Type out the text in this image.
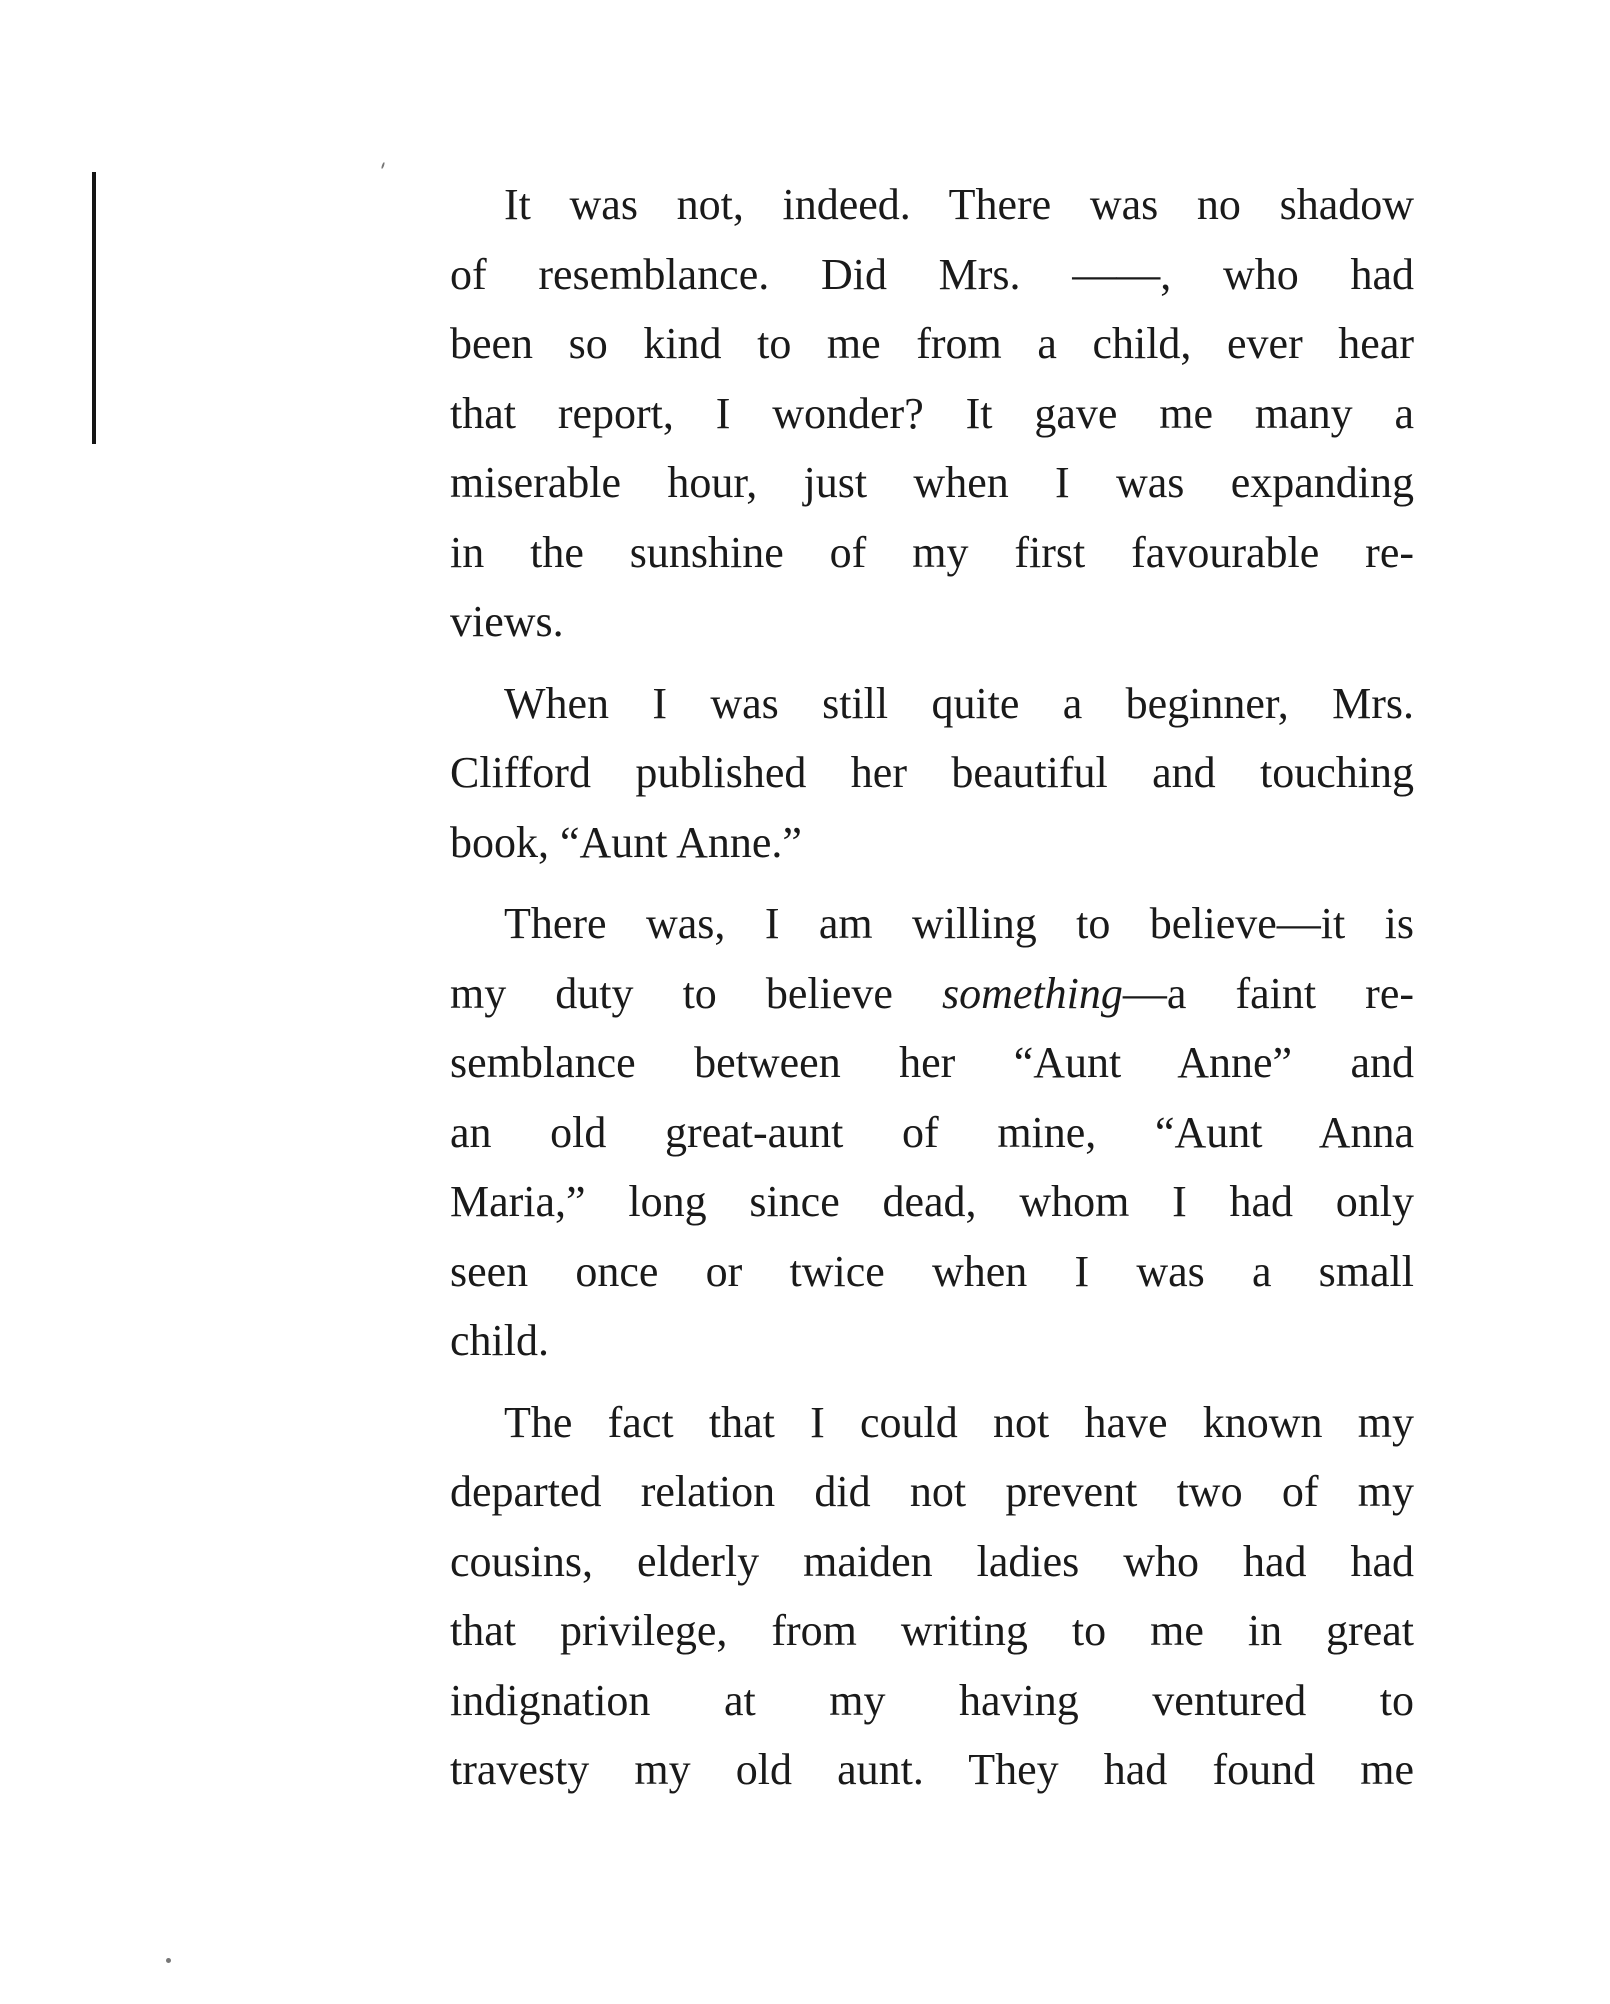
It was not, indeed. There was no shadow
of resemblance. Did Mrs. ——, who had
been so kind to me from a child, ever hear
that report, I wonder? It gave me many a
miserable hour, just when I was expanding
in the sunshine of my first favourable re-
views.

When I was still quite a beginner, Mrs.
Clifford published her beautiful and touching
book, “Aunt Anne.”

There was, I am willing to believe—it is
my duty to believe something—a faint re-
semblance between her “Aunt Anne” and
an old great-aunt of mine, “Aunt Anna
Maria,” long since dead, whom I had only
seen once or twice when I was a small
child.

The fact that I could not have known my
departed relation did not prevent two of my
cousins, elderly maiden ladies who had had
that privilege, from writing to me in great
indignation at my having ventured to
travesty my old aunt. They had found me
